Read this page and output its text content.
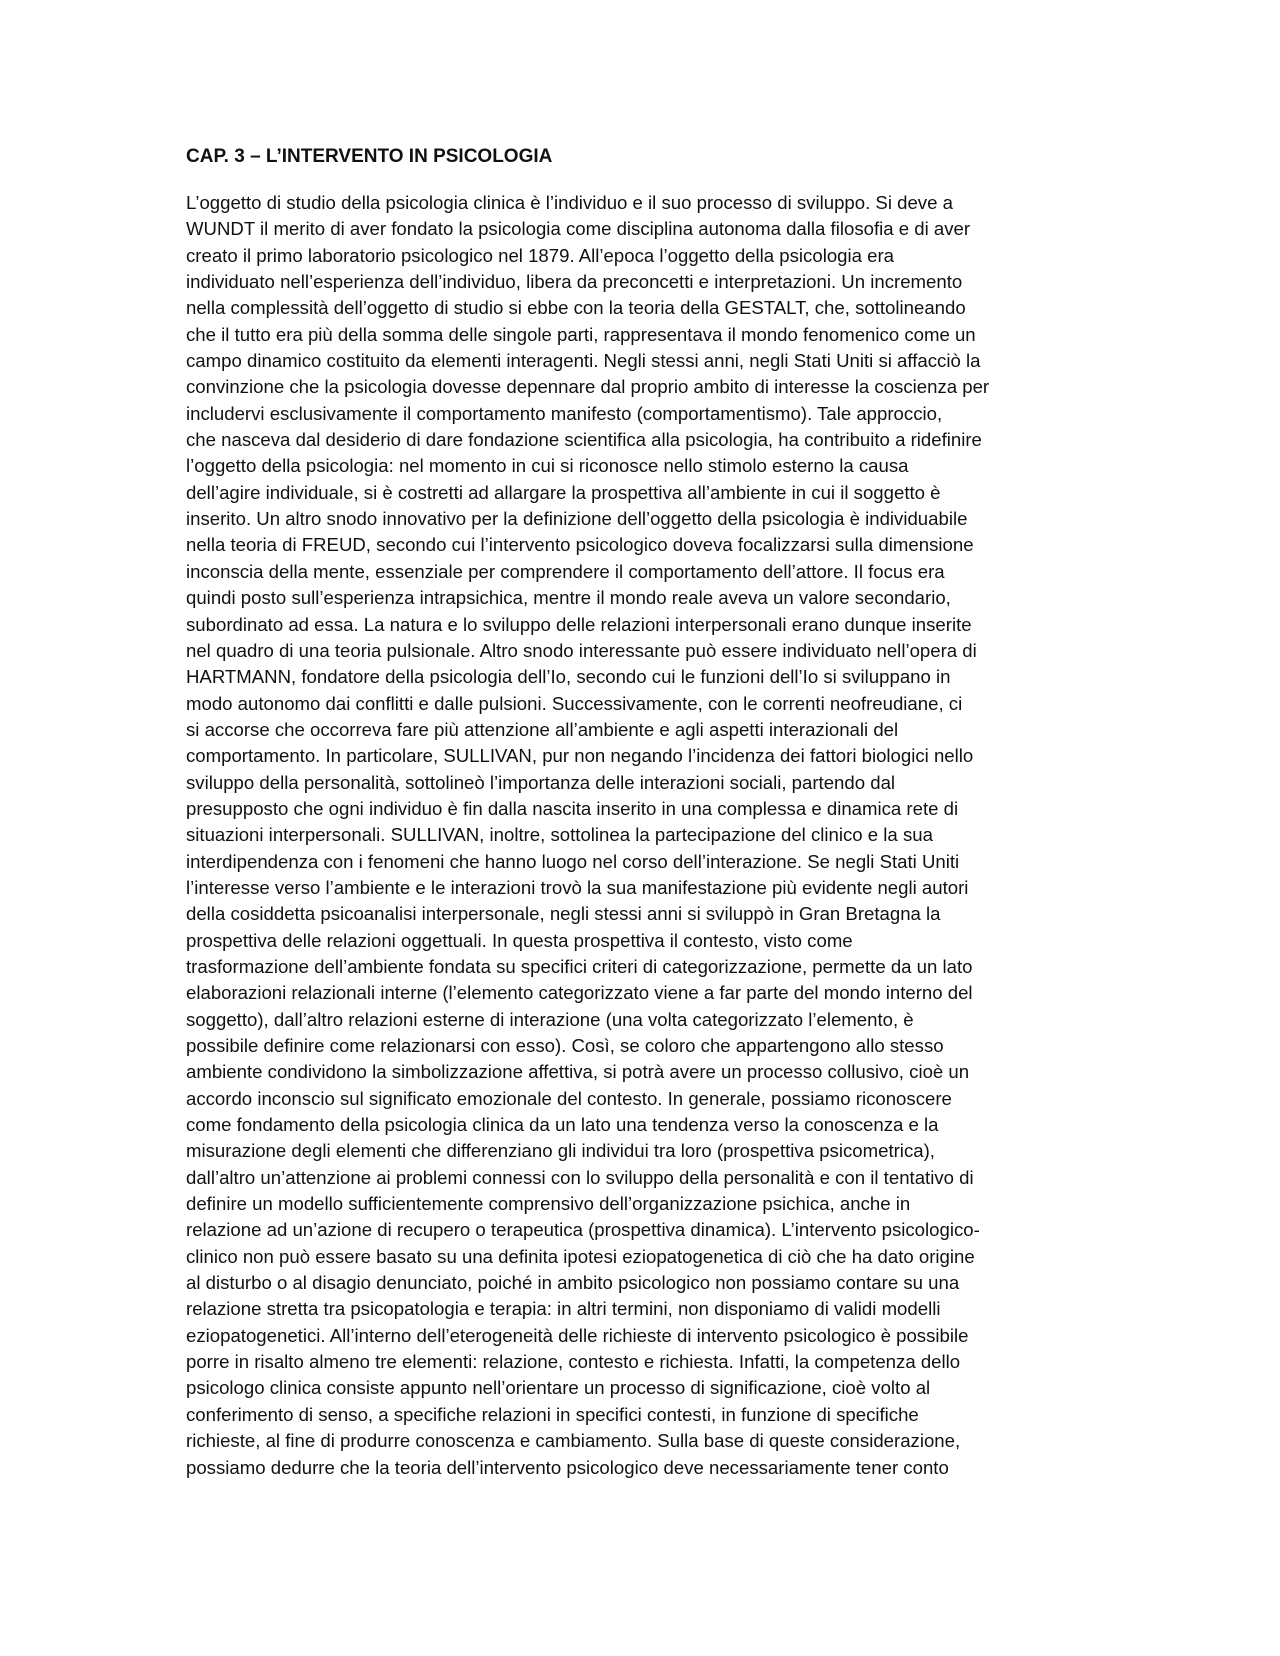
CAP. 3 – L’INTERVENTO IN PSICOLOGIA

L’oggetto di studio della psicologia clinica è l’individuo e il suo processo di sviluppo. Si deve a
WUNDT il merito di aver fondato la psicologia come disciplina autonoma dalla filosofia e di aver
creato il primo laboratorio psicologico nel 1879. All’epoca l’oggetto della psicologia era
individuato nell’esperienza dell’individuo, libera da preconcetti e interpretazioni. Un incremento
nella complessità dell’oggetto di studio si ebbe con la teoria della GESTALT, che, sottolineando
che il tutto era più della somma delle singole parti, rappresentava il mondo fenomenico come un
campo dinamico costituito da elementi interagenti. Negli stessi anni, negli Stati Uniti si affacciò la
convinzione che la psicologia dovesse depennare dal proprio ambito di interesse la coscienza per
includervi esclusivamente il comportamento manifesto (comportamentismo). Tale approccio,
che nasceva dal desiderio di dare fondazione scientifica alla psicologia, ha contribuito a ridefinire
l’oggetto della psicologia: nel momento in cui si riconosce nello stimolo esterno la causa
dell’agire individuale, si è costretti ad allargare la prospettiva all’ambiente in cui il soggetto è
inserito. Un altro snodo innovativo per la definizione dell’oggetto della psicologia è individuabile
nella teoria di FREUD, secondo cui l’intervento psicologico doveva focalizzarsi sulla dimensione
inconscia della mente, essenziale per comprendere il comportamento dell’attore. Il focus era
quindi posto sull’esperienza intrapsichica, mentre il mondo reale aveva un valore secondario,
subordinato ad essa. La natura e lo sviluppo delle relazioni interpersonali erano dunque inserite
nel quadro di una teoria pulsionale. Altro snodo interessante può essere individuato nell’opera di
HARTMANN, fondatore della psicologia dell’Io, secondo cui le funzioni dell’Io si sviluppano in
modo autonomo dai conflitti e dalle pulsioni. Successivamente, con le correnti neofreudiane, ci
si accorse che occorreva fare più attenzione all’ambiente e agli aspetti interazionali del
comportamento. In particolare, SULLIVAN, pur non negando l’incidenza dei fattori biologici nello
sviluppo della personalità, sottolineò l’importanza delle interazioni sociali, partendo dal
presupposto che ogni individuo è fin dalla nascita inserito in una complessa e dinamica rete di
situazioni interpersonali. SULLIVAN, inoltre, sottolinea la partecipazione del clinico e la sua
interdipendenza con i fenomeni che hanno luogo nel corso dell’interazione. Se negli Stati Uniti
l’interesse verso l’ambiente e le interazioni trovò la sua manifestazione più evidente negli autori
della cosiddetta psicoanalisi interpersonale, negli stessi anni si sviluppò in Gran Bretagna la
prospettiva delle relazioni oggettuali. In questa prospettiva il contesto, visto come
trasformazione dell’ambiente fondata su specifici criteri di categorizzazione, permette da un lato
elaborazioni relazionali interne (l’elemento categorizzato viene a far parte del mondo interno del
soggetto), dall’altro relazioni esterne di interazione (una volta categorizzato l’elemento, è
possibile definire come relazionarsi con esso). Così, se coloro che appartengono allo stesso
ambiente condividono la simbolizzazione affettiva, si potrà avere un processo collusivo, cioè un
accordo inconscio sul significato emozionale del contesto. In generale, possiamo riconoscere
come fondamento della psicologia clinica da un lato una tendenza verso la conoscenza e la
misurazione degli elementi che differenziano gli individui tra loro (prospettiva psicometrica),
dall’altro un’attenzione ai problemi connessi con lo sviluppo della personalità e con il tentativo di
definire un modello sufficientemente comprensivo dell’organizzazione psichica, anche in
relazione ad un’azione di recupero o terapeutica (prospettiva dinamica). L’intervento psicologico-
clinico non può essere basato su una definita ipotesi eziopatogenetica di ciò che ha dato origine
al disturbo o al disagio denunciato, poiché in ambito psicologico non possiamo contare su una
relazione stretta tra psicopatologia e terapia: in altri termini, non disponiamo di validi modelli
eziopatogenetici. All’interno dell’eterogeneità delle richieste di intervento psicologico è possibile
porre in risalto almeno tre elementi: relazione, contesto e richiesta. Infatti, la competenza dello
psicologo clinica consiste appunto nell’orientare un processo di significazione, cioè volto al
conferimento di senso, a specifiche relazioni in specifici contesti, in funzione di specifiche
richieste, al fine di produrre conoscenza e cambiamento. Sulla base di queste considerazione,
possiamo dedurre che la teoria dell’intervento psicologico deve necessariamente tener conto
